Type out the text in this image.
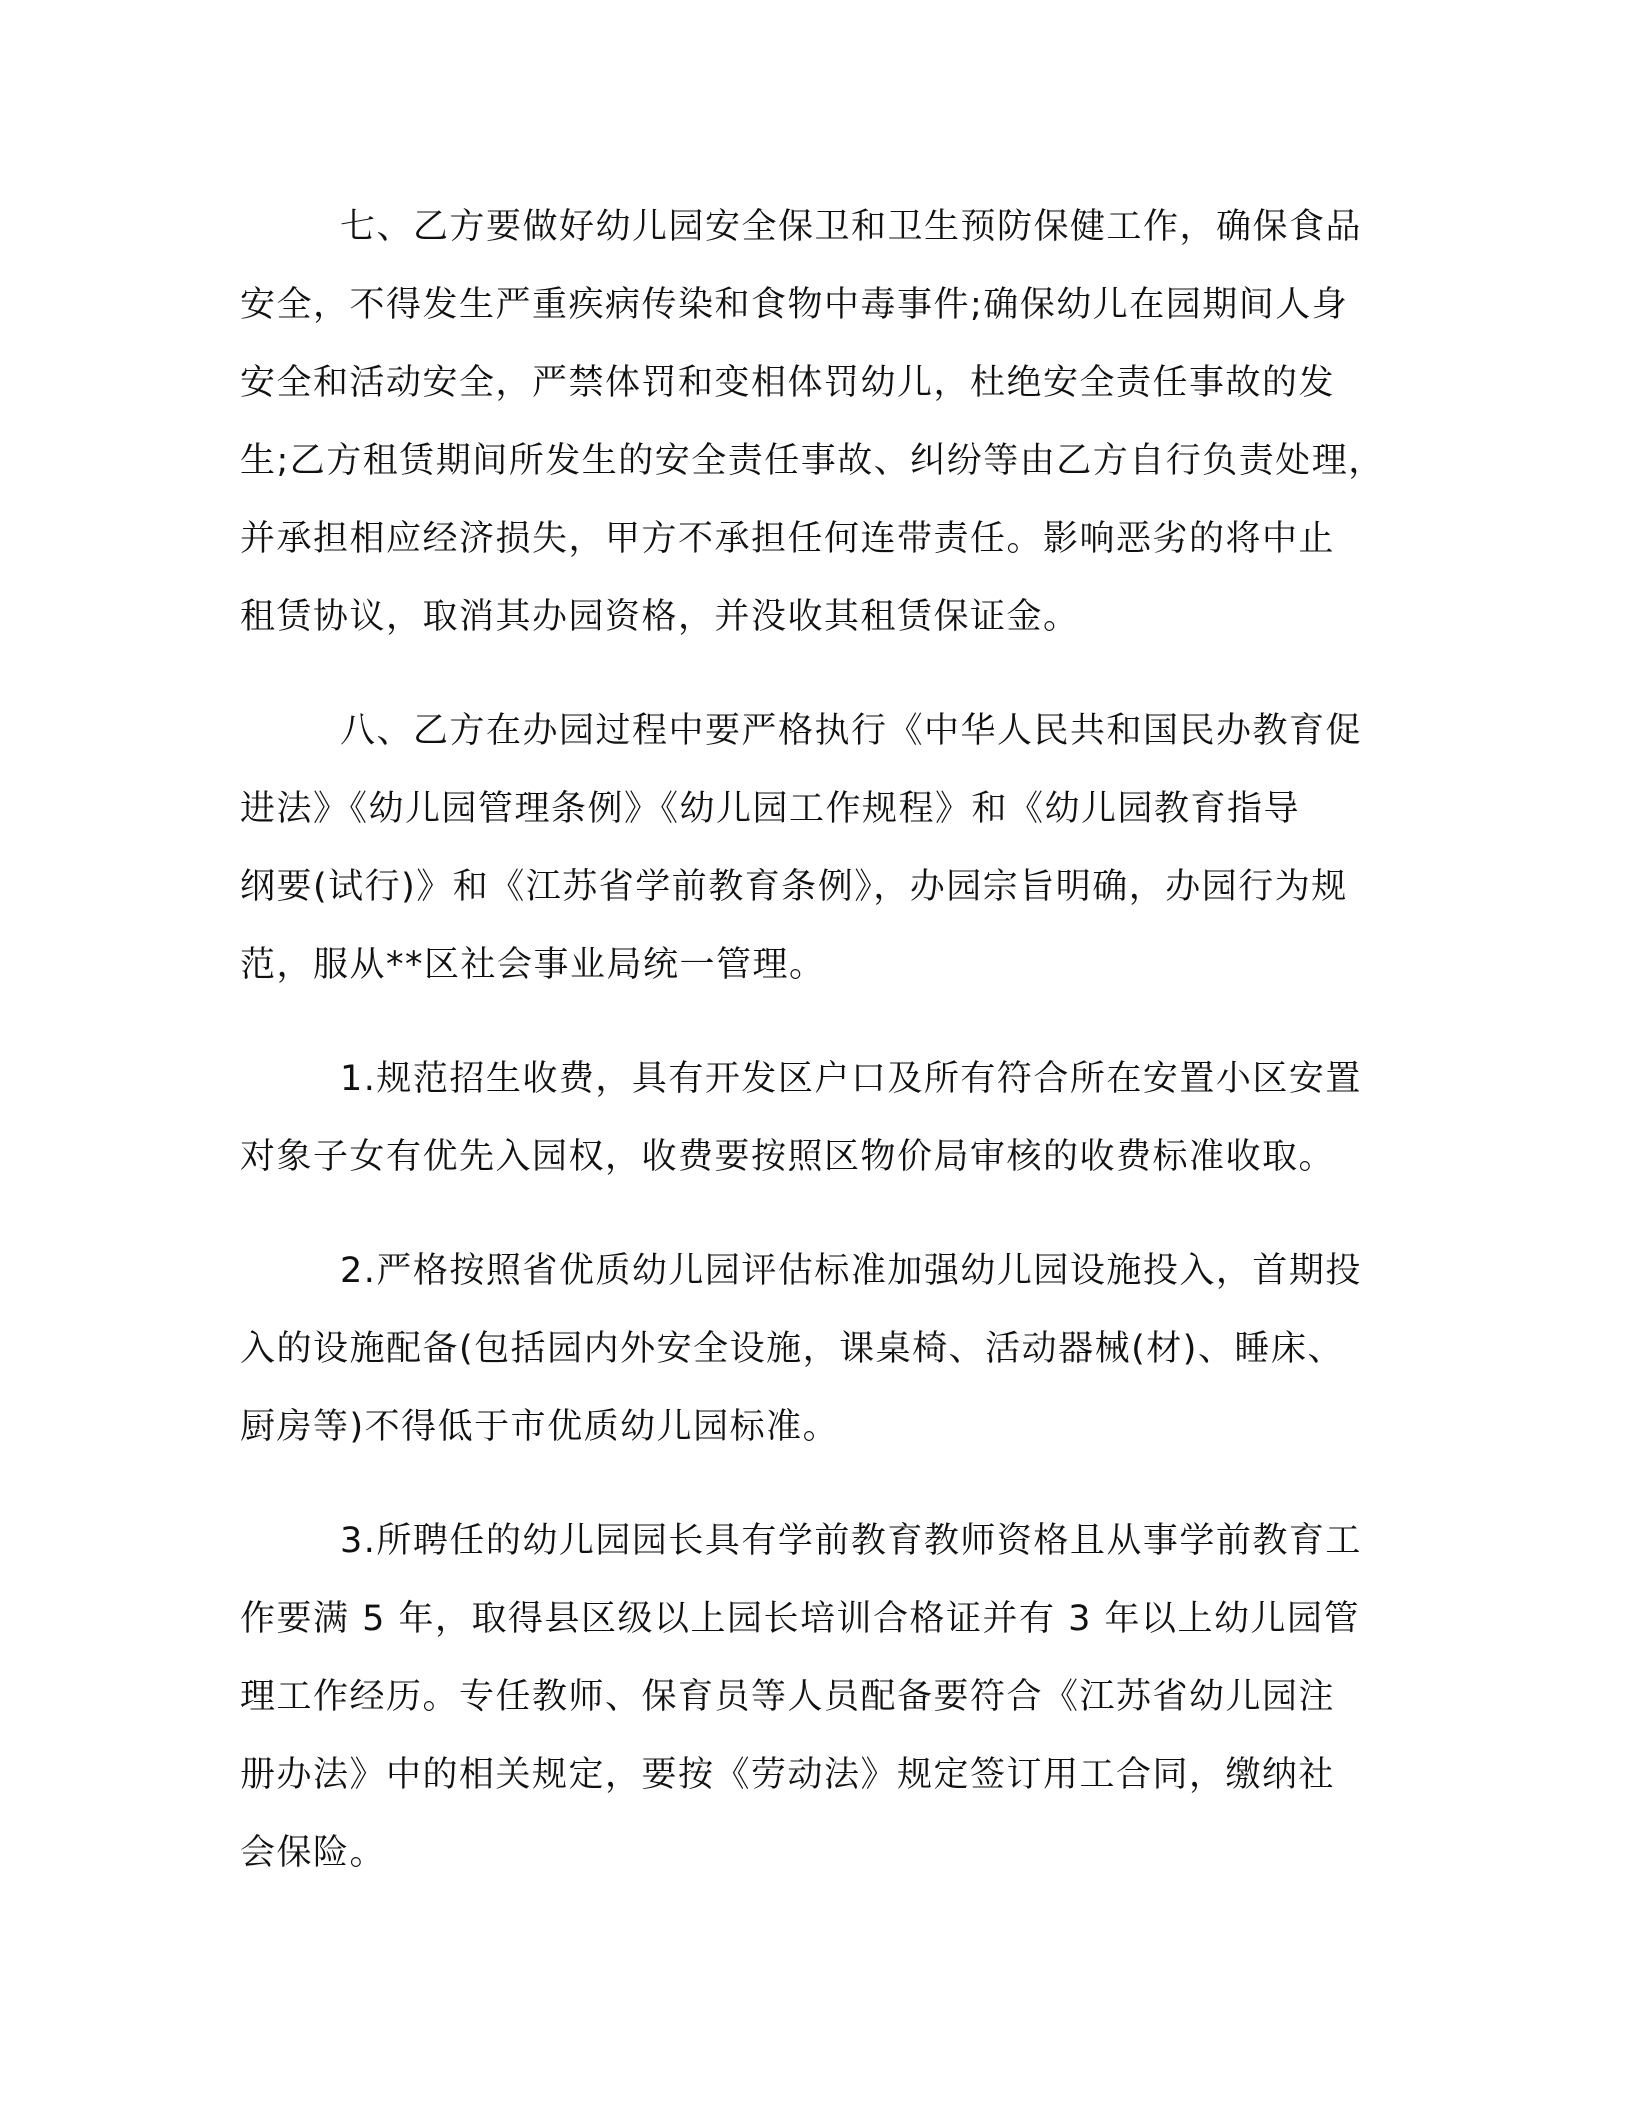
七、乙方要做好幼儿园安全保卫和卫生预防保健工作，确保食品
安全，不得发生严重疾病传染和食物中毒事件;确保幼儿在园期间人身
安全和活动安全，严禁体罚和变相体罚幼儿，杜绝安全责任事故的发
生;乙方租赁期间所发生的安全责任事故、纠纷等由乙方自行负责处理，
并承担相应经济损失，甲方不承担任何连带责任。影响恶劣的将中止
租赁协议，取消其办园资格，并没收其租赁保证金。
八、乙方在办园过程中要严格执行《中华人民共和国民办教育促
进法》《幼儿园管理条例》《幼儿园工作规程》和《幼儿园教育指导
纲要(试行)》和《江苏省学前教育条例》，办园宗旨明确，办园行为规
范，服从**区社会事业局统一管理。
1.规范招生收费，具有开发区户口及所有符合所在安置小区安置
对象子女有优先入园权，收费要按照区物价局审核的收费标准收取。
2.严格按照省优质幼儿园评估标准加强幼儿园设施投入，首期投
入的设施配备(包括园内外安全设施，课桌椅、活动器械(材)、睡床、
厨房等)不得低于市优质幼儿园标准。
3.所聘任的幼儿园园长具有学前教育教师资格且从事学前教育工
作要满 5 年，取得县区级以上园长培训合格证并有 3 年以上幼儿园管
理工作经历。专任教师、保育员等人员配备要符合《江苏省幼儿园注
册办法》中的相关规定，要按《劳动法》规定签订用工合同，缴纳社
会保险。
